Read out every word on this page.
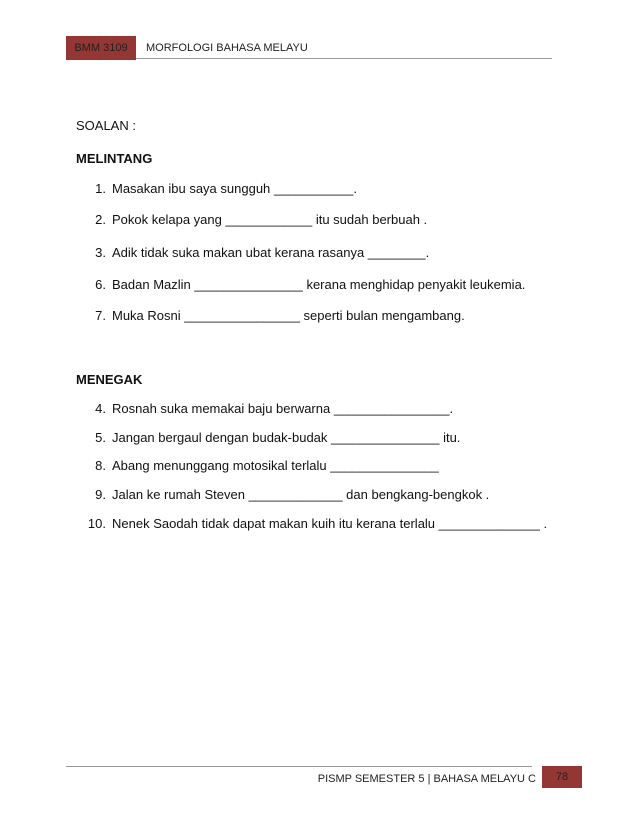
BMM 3109	MORFOLOGI BAHASA MELAYU
SOALAN :
MELINTANG
1. Masakan ibu saya sungguh ___________.
2. Pokok kelapa yang ____________ itu sudah berbuah .
3. Adik tidak suka makan ubat kerana rasanya ________.
6. Badan Mazlin _______________ kerana menghidap penyakit leukemia.
7. Muka Rosni ________________ seperti bulan mengambang.
MENEGAK
4. Rosnah suka memakai baju berwarna ________________.
5. Jangan bergaul dengan budak-budak _______________ itu.
8. Abang menunggang motosikal terlalu _______________
9. Jalan ke rumah Steven _____________ dan bengkang-bengkok .
10. Nenek Saodah tidak dapat makan kuih itu kerana terlalu ______________ .
PISMP SEMESTER 5 | BAHASA MELAYU C	78
